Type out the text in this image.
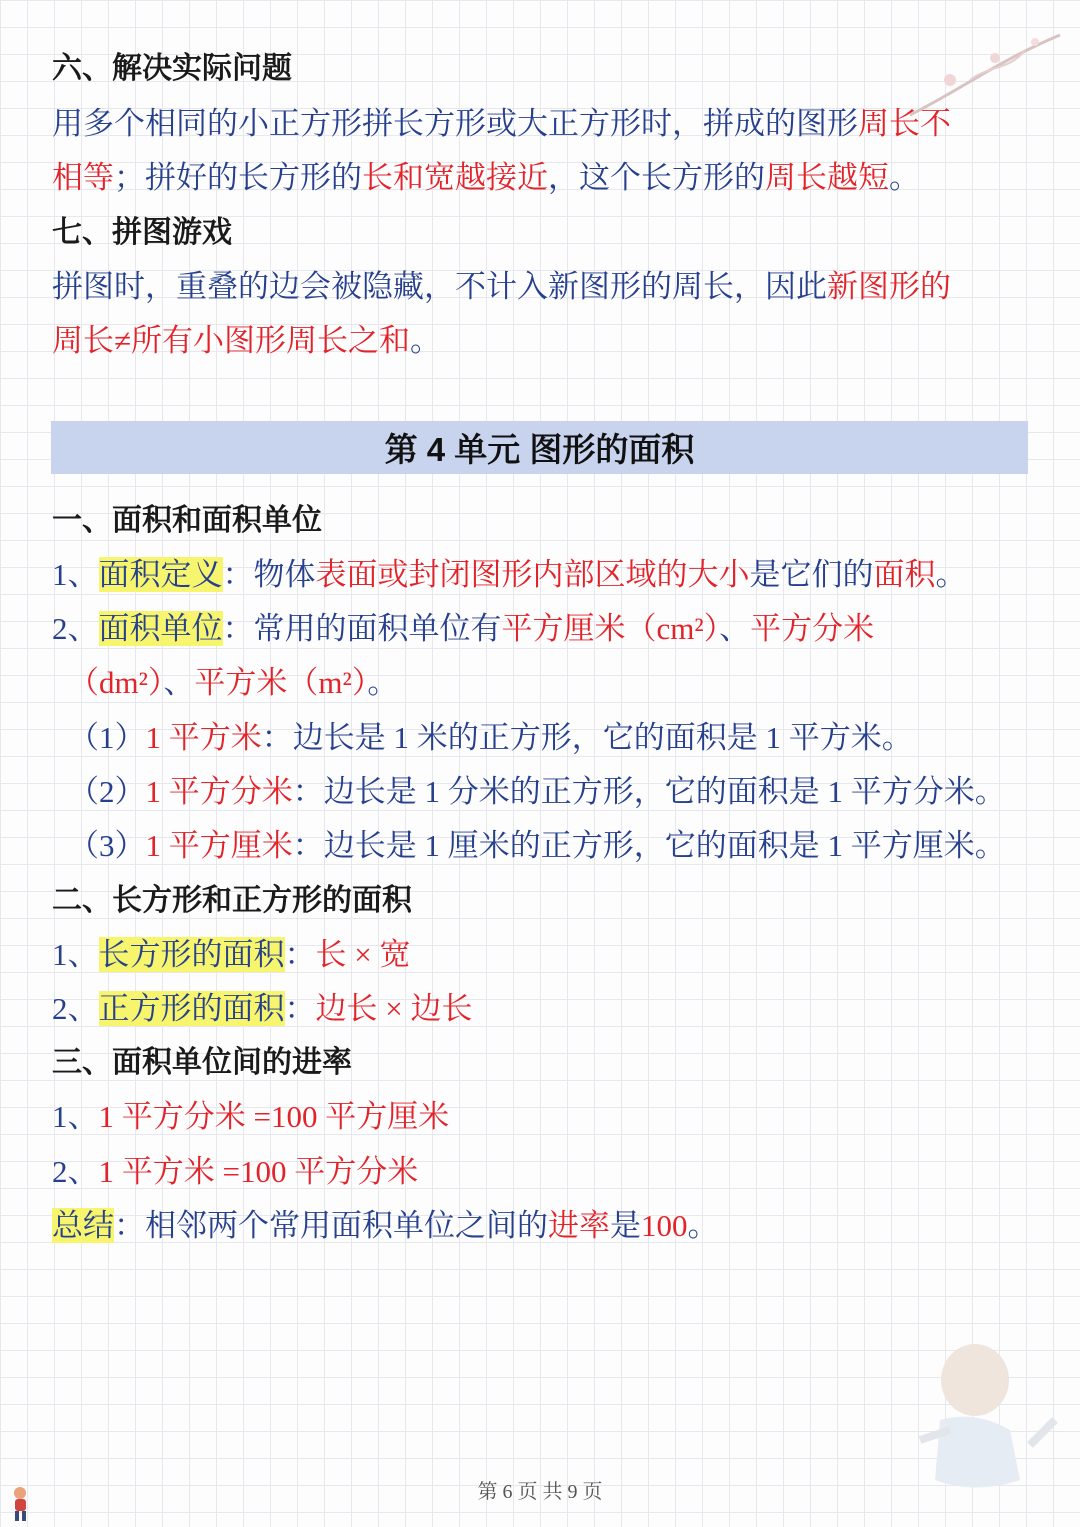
六、解决实际问题
用多个相同的小正方形拼长方形或大正方形时，拼成的图形周长不
相等；拼好的长方形的长和宽越接近，这个长方形的周长越短。
七、拼图游戏
拼图时，重叠的边会被隐藏，不计入新图形的周长，因此新图形的
周长≠所有小图形周长之和。
第 4 单元 图形的面积
一、面积和面积单位
1、面积定义：物体表面或封闭图形内部区域的大小是它们的面积。
2、面积单位：常用的面积单位有平方厘米（cm²）、平方分米
（dm²）、平方米（m²）。
（1）1 平方米：边长是 1 米的正方形，它的面积是 1 平方米。
（2）1 平方分米：边长是 1 分米的正方形，它的面积是 1 平方分米。
（3）1 平方厘米：边长是 1 厘米的正方形，它的面积是 1 平方厘米。
二、长方形和正方形的面积
1、长方形的面积：长 × 宽
2、正方形的面积：边长 × 边长
三、面积单位间的进率
1、1 平方分米 =100 平方厘米
2、1 平方米 =100 平方分米
总结：相邻两个常用面积单位之间的进率是100。
第 6 页 共 9 页
